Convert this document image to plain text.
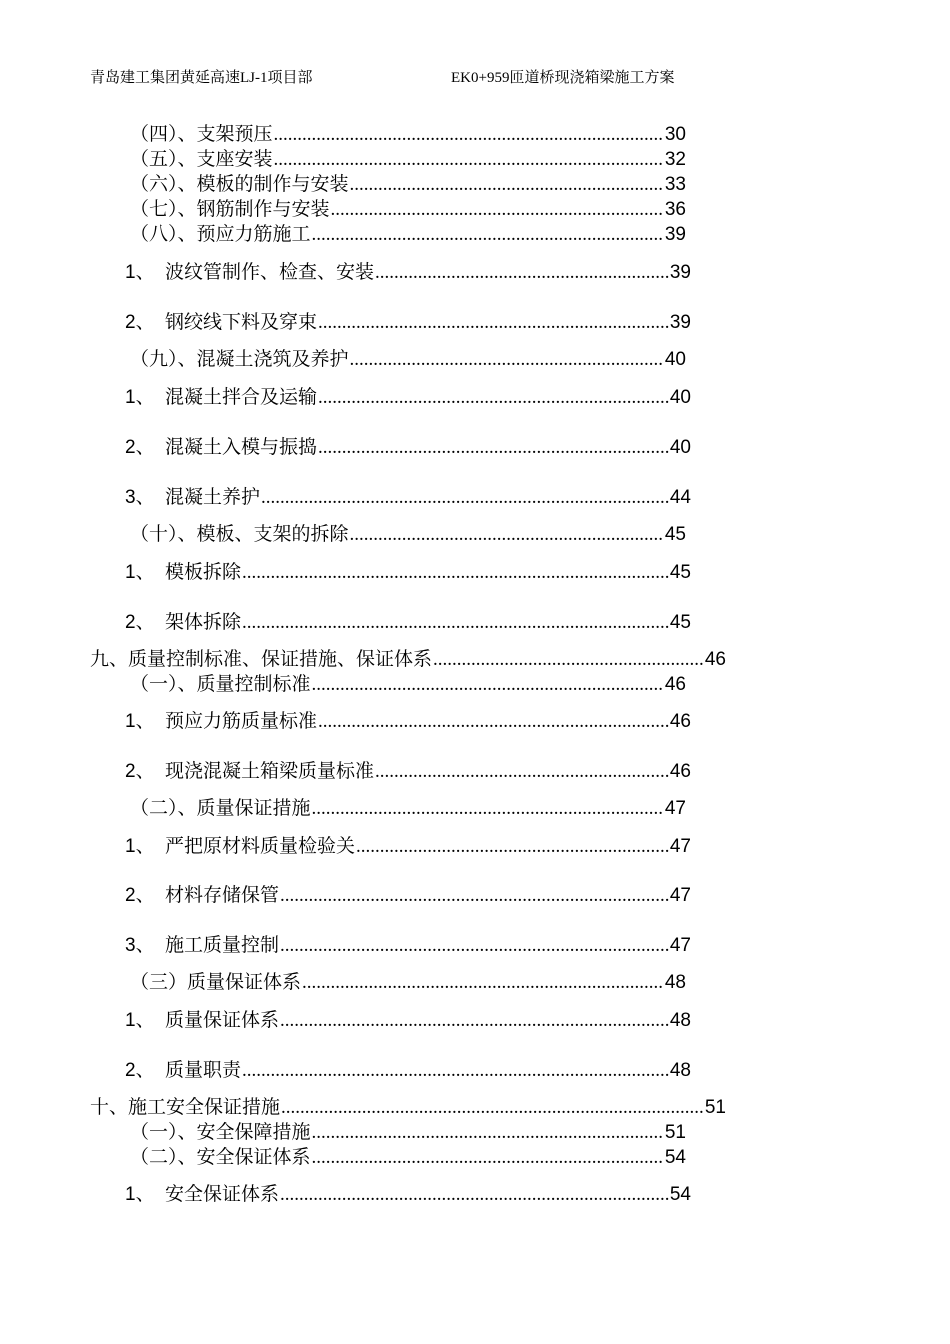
青岛建工集团黄延高速LJ-1项目部	EK0+959匝道桥现浇箱梁施工方案
（四）、支架预压 .....	30
（五）、支座安装 .....	32
（六）、模板的制作与安装 .....	33
（七）、钢筋制作与安装 .....	36
（八）、预应力筋施工 .....	39
1、 波纹管制作、检查、安装 .....	39
2、 钢绞线下料及穿束 .....	39
（九）、混凝土浇筑及养护 .....	40
1、 混凝土拌合及运输 .....	40
2、 混凝土入模与振捣 .....	40
3、 混凝土养护 .....	44
（十）、模板、支架的拆除 .....	45
1、 模板拆除 .....	45
2、 架体拆除 .....	45
九、质量控制标准、保证措施、保证体系 .....	46
（一）、质量控制标准 .....	46
1、 预应力筋质量标准 .....	46
2、 现浇混凝土箱梁质量标准 .....	46
（二）、质量保证措施 .....	47
1、 严把原材料质量检验关 .....	47
2、 材料存储保管 .....	47
3、 施工质量控制 .....	47
（三）质量保证体系 .....	48
1、 质量保证体系 .....	48
2、 质量职责 .....	48
十、施工安全保证措施 .....	51
（一）、安全保障措施 .....	51
（二）、安全保证体系 .....	54
1、 安全保证体系 .....	54
